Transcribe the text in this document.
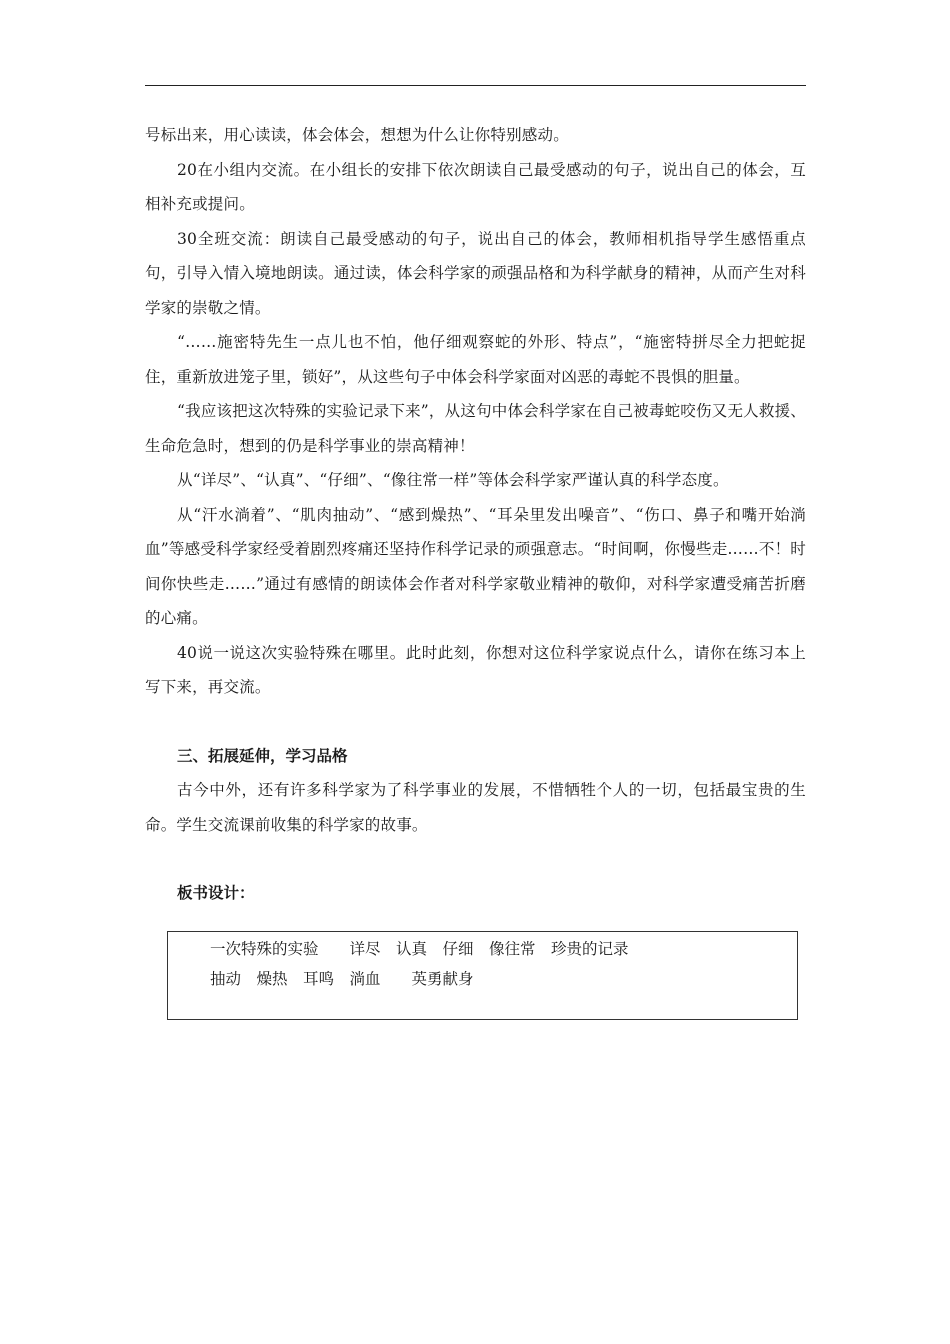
号标出来，用心读读，体会体会，想想为什么让你特别感动。

20在小组内交流。在小组长的安排下依次朗读自己最受感动的句子，说出自己的体会，互相补充或提问。

30全班交流：朗读自己最受感动的句子，说出自己的体会，教师相机指导学生感悟重点句，引导入情入境地朗读。通过读，体会科学家的顽强品格和为科学献身的精神，从而产生对科学家的崇敬之情。

“……施密特先生一点儿也不怕，他仔细观察蛇的外形、特点”，“施密特拼尽全力把蛇捉住，重新放进笼子里，锁好”，从这些句子中体会科学家面对凶恶的毒蛇不畏惧的胆量。

“我应该把这次特殊的实验记录下来”，从这句中体会科学家在自己被毒蛇咬伤又无人救援、生命危急时，想到的仍是科学事业的崇高精神！

从“详尽”、“认真”、“仔细”、“像往常一样”等体会科学家严谨认真的科学态度。

从“汗水淌着”、“肌肉抽动”、“感到燥热”、“耳朵里发出噪音”、“伤口、鼻子和嘴开始淌血”等感受科学家经受着剧烈疼痛还坚持作科学记录的顽强意志。“时间啊，你慢些走……不！时间你快些走……”通过有感情的朗读体会作者对科学家敬业精神的敬仰，对科学家遭受痛苦折磨的心痛。

40说一说这次实验特殊在哪里。此时此刻，你想对这位科学家说点什么，请你在练习本上写下来，再交流。

三、拓展延伸，学习品格

古今中外，还有许多科学家为了科学事业的发展，不惜牺牲个人的一切，包括最宝贵的生命。学生交流课前收集的科学家的故事。

板书设计：

一次特殊的实验　　详尽　认真　仔细　像往常　珍贵的记录

抽动　燥热　耳鸣　淌血　　英勇献身
